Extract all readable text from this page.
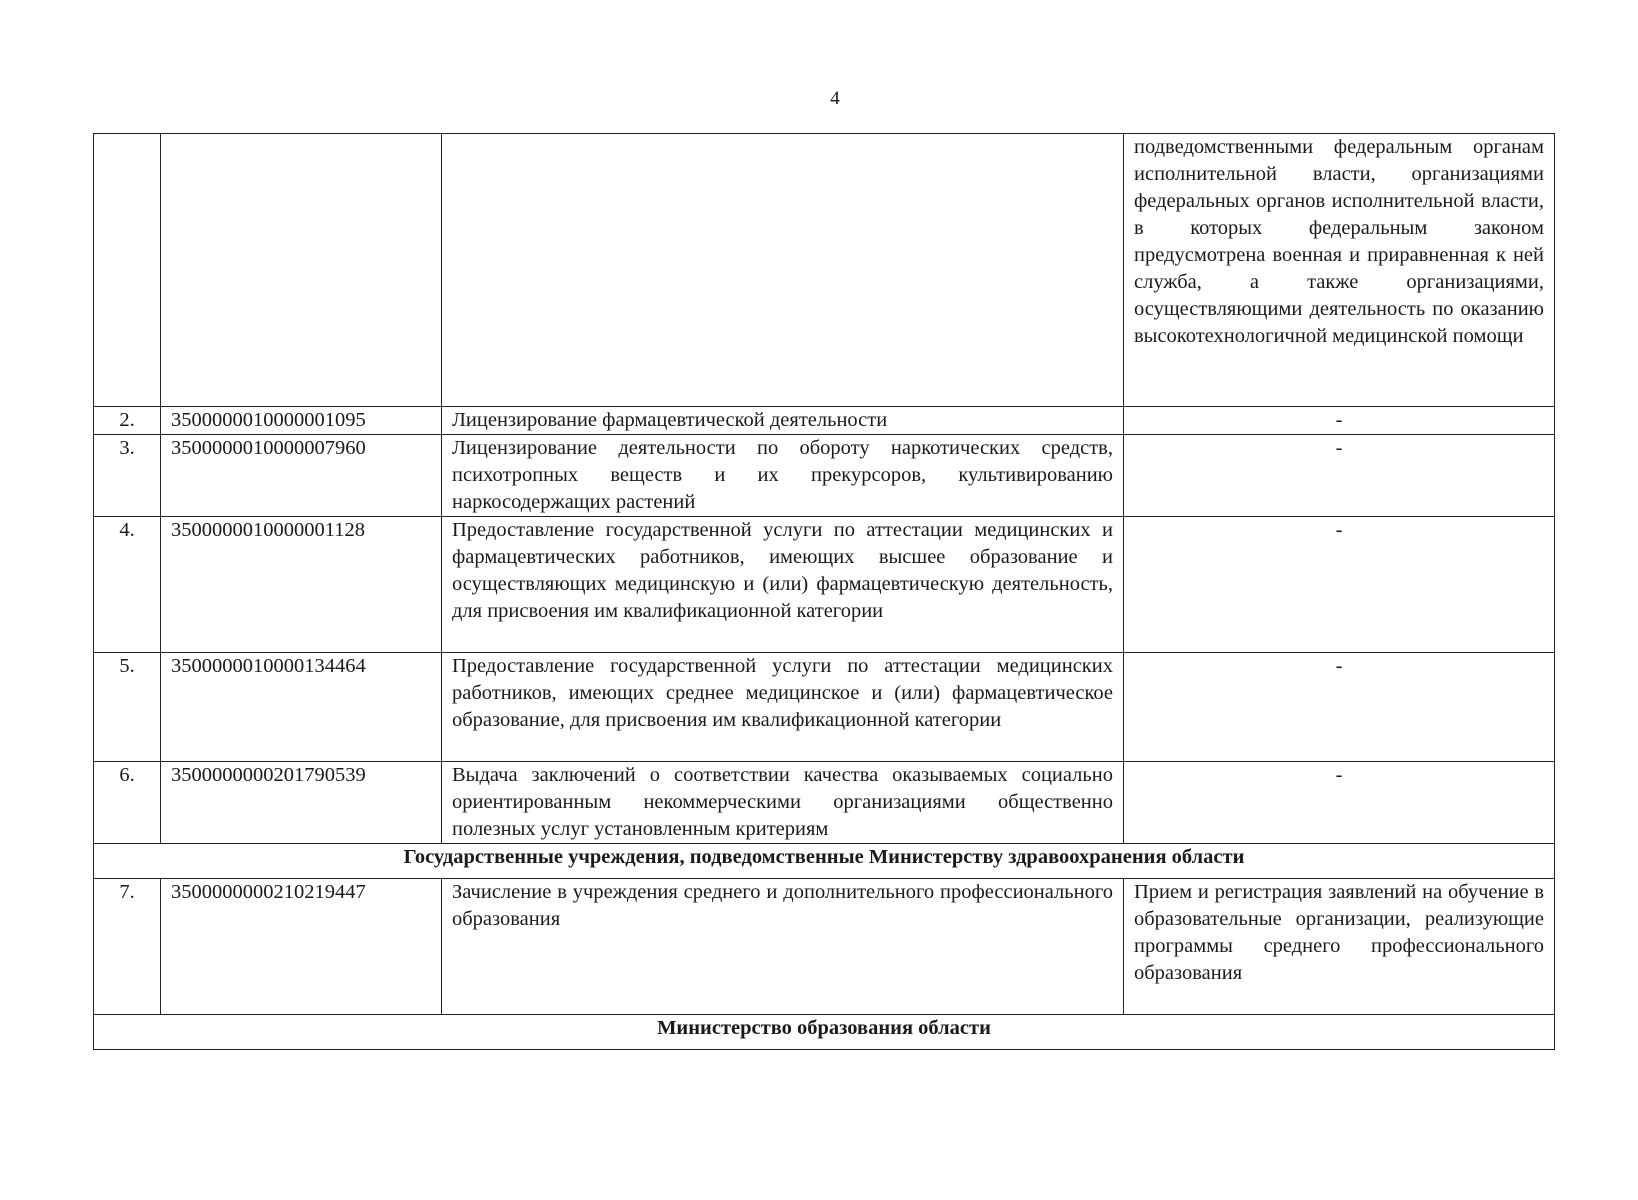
4
			подведомственными федеральным органам исполнительной власти, организациями федеральных органов исполнительной власти, в которых федеральным законом предусмотрена военная и приравненная к ней служба, а также организациями, осуществляющими деятельность по оказанию высокотехнологичной медицинской помощи
2.	3500000010000001095	Лицензирование фармацевтической деятельности	-
3.	3500000010000007960	Лицензирование деятельности по обороту наркотических средств, психотропных веществ и их прекурсоров, культивированию наркосодержащих растений	-
4.	3500000010000001128	Предоставление государственной услуги по аттестации медицинских и фармацевтических работников, имеющих высшее образование и осуществляющих медицинскую и (или) фармацевтическую деятельность, для присвоения им квалификационной категории	-
5.	3500000010000134464	Предоставление государственной услуги по аттестации медицинских работников, имеющих среднее медицинское и (или) фармацевтическое образование, для присвоения им квалификационной категории	-
6.	3500000000201790539	Выдача заключений о соответствии качества оказываемых социально ориентированным некоммерческими организациями общественно полезных услуг установленным критериям	-
Государственные учреждения, подведомственные Министерству здравоохранения области			
7.	3500000000210219447	Зачисление в учреждения среднего и дополнительного профессионального образования	Прием и регистрация заявлений на обучение в образовательные организации, реализующие программы среднего профессионального образования
Министерство образования области			
